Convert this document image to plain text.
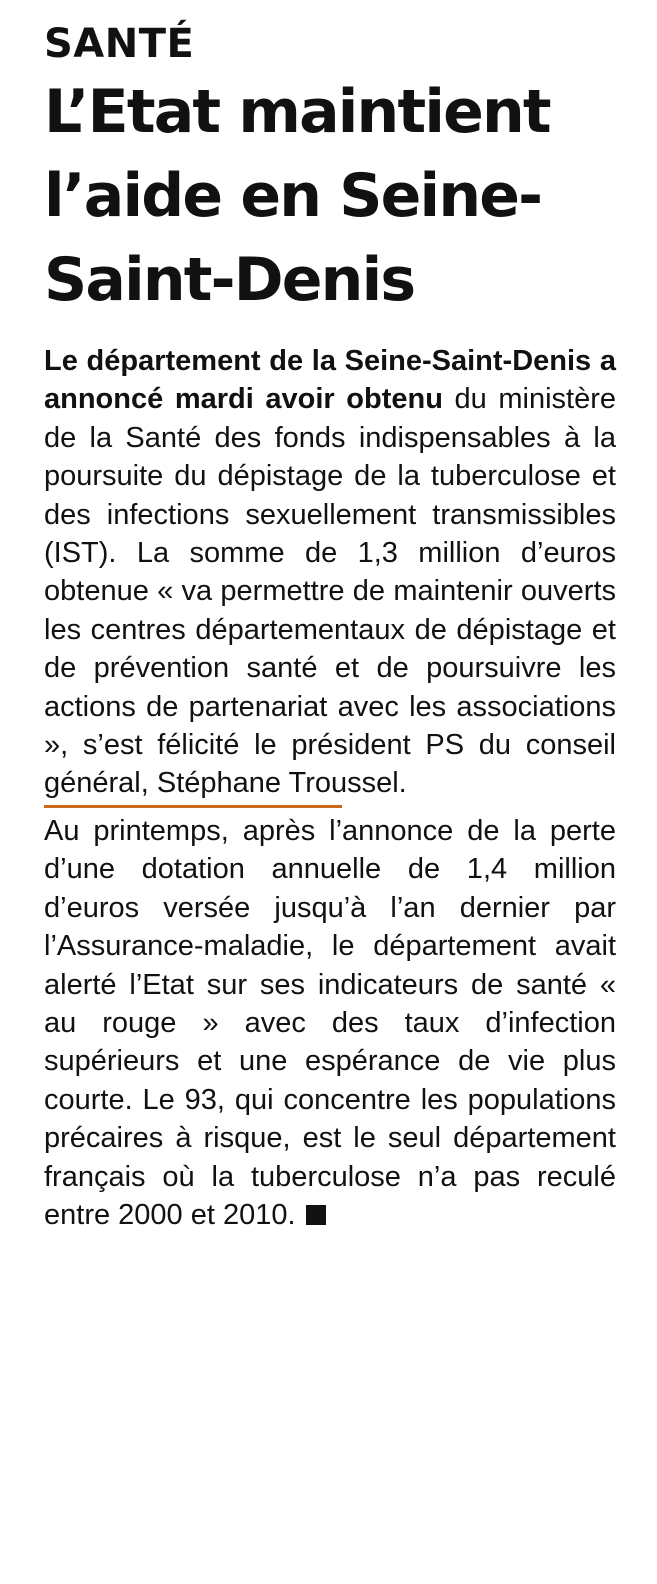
SANTÉ
L’Etat maintient
l’aide en Seine-
Saint-Denis

Le département de la Seine-Saint-Denis a annoncé mardi avoir obtenu du ministère de la Santé des fonds indispensables à la poursuite du dépistage de la tuberculose et des infections sexuellement transmissibles (IST). La somme de 1,3 million d’euros obtenue « va permettre de maintenir ouverts les centres départementaux de dépistage et de prévention santé et de poursuivre les actions de partenariat avec les associations », s’est félicité le président PS du conseil général, Stéphane Troussel.

Au printemps, après l’annonce de la perte d’une dotation annuelle de 1,4 million d’euros versée jusqu’à l’an dernier par l’Assurance-maladie, le département avait alerté l’Etat sur ses indicateurs de santé « au rouge » avec des taux d’infection supérieurs et une espérance de vie plus courte. Le 93, qui concentre les populations précaires à risque, est le seul département français où la tuberculose n’a pas reculé entre 2000 et 2010.
